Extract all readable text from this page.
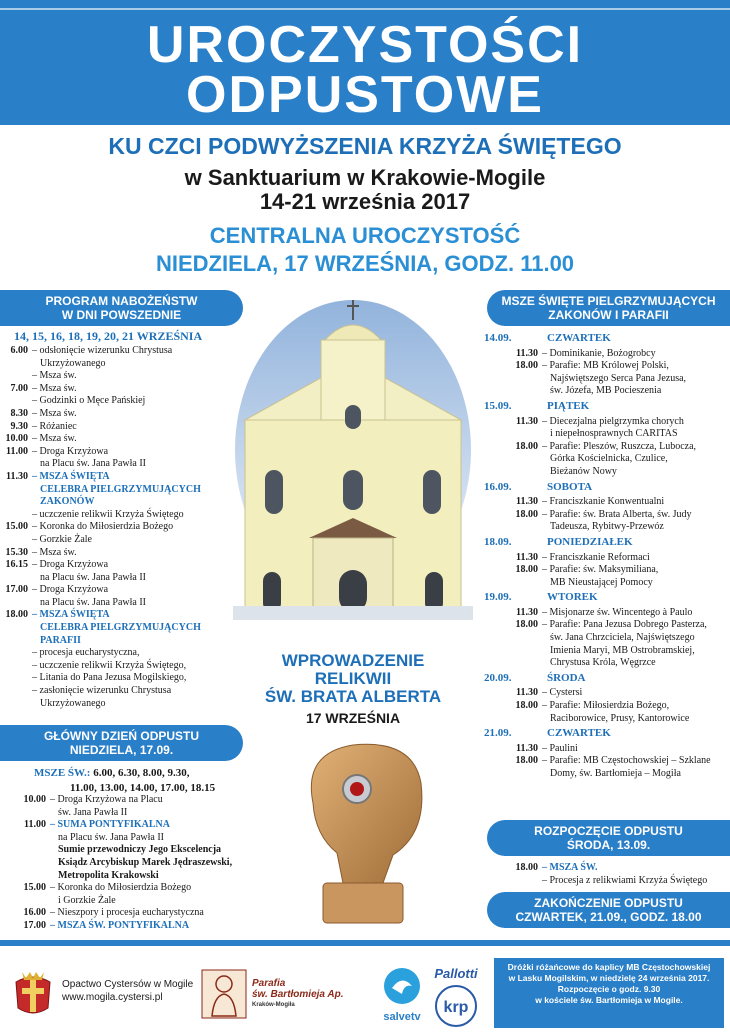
UROCZYSTOŚCI
ODPUSTOWE
KU CZCI PODWYŻSZENIA KRZYŻA ŚWIĘTEGO
w Sanktuarium w Krakowie-Mogile
14-21 września 2017
CENTRALNA UROCZYSTOŚĆ
NIEDZIELA, 17 WRZEŚNIA, GODZ. 11.00
PROGRAM NABOŻEŃSTW
W DNI POWSZEDNIE
14, 15, 16, 18, 19, 20, 21 WRZEŚNIA
6.00 – odsłonięcie wizerunku Chrystusa
Ukrzyżowanego
– Msza św.
7.00 – Msza św.
– Godzinki o Męce Pańskiej
8.30 – Msza św.
9.30 – Różaniec
10.00 – Msza św.
11.00 – Droga Krzyżowa
na Placu św. Jana Pawła II
11.30 – MSZA ŚWIĘTA
CELEBRA PIELGRZYMUJĄCYCH
ZAKONÓW
– uczczenie relikwii Krzyża Świętego
15.00 – Koronka do Miłosierdzia Bożego
– Gorzkie Żale
15.30 – Msza św.
16.15 – Droga Krzyżowa
na Placu św. Jana Pawła II
17.00 – Droga Krzyżowa
na Placu św. Jana Pawła II
18.00 – MSZA ŚWIĘTA
CELEBRA PIELGRZYMUJĄCYCH
PARAFII
– procesja eucharystyczna,
– uczczenie relikwii Krzyża Świętego,
– Litania do Pana Jezusa Mogilskiego,
– zasłonięcie wizerunku Chrystusa
Ukrzyżowanego
GŁÓWNY DZIEŃ ODPUSTU
NIEDZIELA, 17.09.
MSZE ŚW.: 6.00, 6.30, 8.00, 9.30,
11.00, 13.00, 14.00, 17.00, 18.15
10.00 – Droga Krzyżowa na Placu
św. Jana Pawła II
11.00 – SUMA PONTYFIKALNA
na Placu św. Jana Pawła II
Sumie przewodniczy Jego Ekscelencja
Ksiądz Arcybiskup Marek Jędraszewski,
Metropolita Krakowski
15.00 – Koronka do Miłosierdzia Bożego
i Gorzkie Żale
16.00 – Nieszpory i procesja eucharystyczna
17.00 – MSZA ŚW. PONTYFIKALNA
WPROWADZENIE
RELIKWII
ŚW. BRATA ALBERTA
17 WRZEŚNIA
MSZE ŚWIĘTE PIELGRZYMUJĄCYCH
ZAKONÓW I PARAFII
14.09.	CZWARTEK
11.30 – Dominikanie, Bożogrobcy
18.00 – Parafie: MB Królowej Polski,
Najświętszego Serca Pana Jezusa,
św. Józefa, MB Pocieszenia
15.09.	PIĄTEK
11.30 – Diecezjalna pielgrzymka chorych
i niepełnosprawnych CARITAS
18.00 – Parafie: Pleszów, Ruszcza, Lubocza,
Górka Kościelnicka, Czulice,
Bieżanów Nowy
16.09.	SOBOTA
11.30 – Franciszkanie Konwentualni
18.00 – Parafie: św. Brata Alberta, św. Judy
Tadeusza, Rybitwy-Przewóz
18.09.	PONIEDZIAŁEK
11.30 – Franciszkanie Reformaci
18.00 – Parafie: św. Maksymiliana,
MB Nieustającej Pomocy
19.09.	WTOREK
11.30 – Misjonarze św. Wincentego à Paulo
18.00 – Parafie: Pana Jezusa Dobrego Pasterza,
św. Jana Chrzciciela, Najświętszego
Imienia Maryi, MB Ostrobramskiej,
Chrystusa Króla, Węgrzce
20.09.	ŚRODA
11.30 – Cystersi
18.00 – Parafie: Miłosierdzia Bożego,
Raciborowice, Prusy, Kantorowice
21.09.	CZWARTEK
11.30 – Paulini
18.00 – Parafie: MB Częstochowskiej – Szklane
Domy, św. Bartłomieja – Mogiła
ROZPOCZĘCIE ODPUSTU
ŚRODA, 13.09.
18.00 – MSZA ŚW.
– Procesja z relikwiami Krzyża Świętego
ZAKOŃCZENIE ODPUSTU
CZWARTEK, 21.09., GODZ. 18.00
Opactwo Cystersów w Mogile
www.mogila.cystersi.pl
Parafia
św. Bartłomieja Ap.
Kraków-Mogiła
salvetv
Pallotti
krp
Dróżki różańcowe do kaplicy MB Częstochowskiej
w Lasku Mogilskim, w niedzielę 24 września 2017.
Rozpoczęcie o godz. 9.30
w kościele św. Bartłomieja w Mogile.
